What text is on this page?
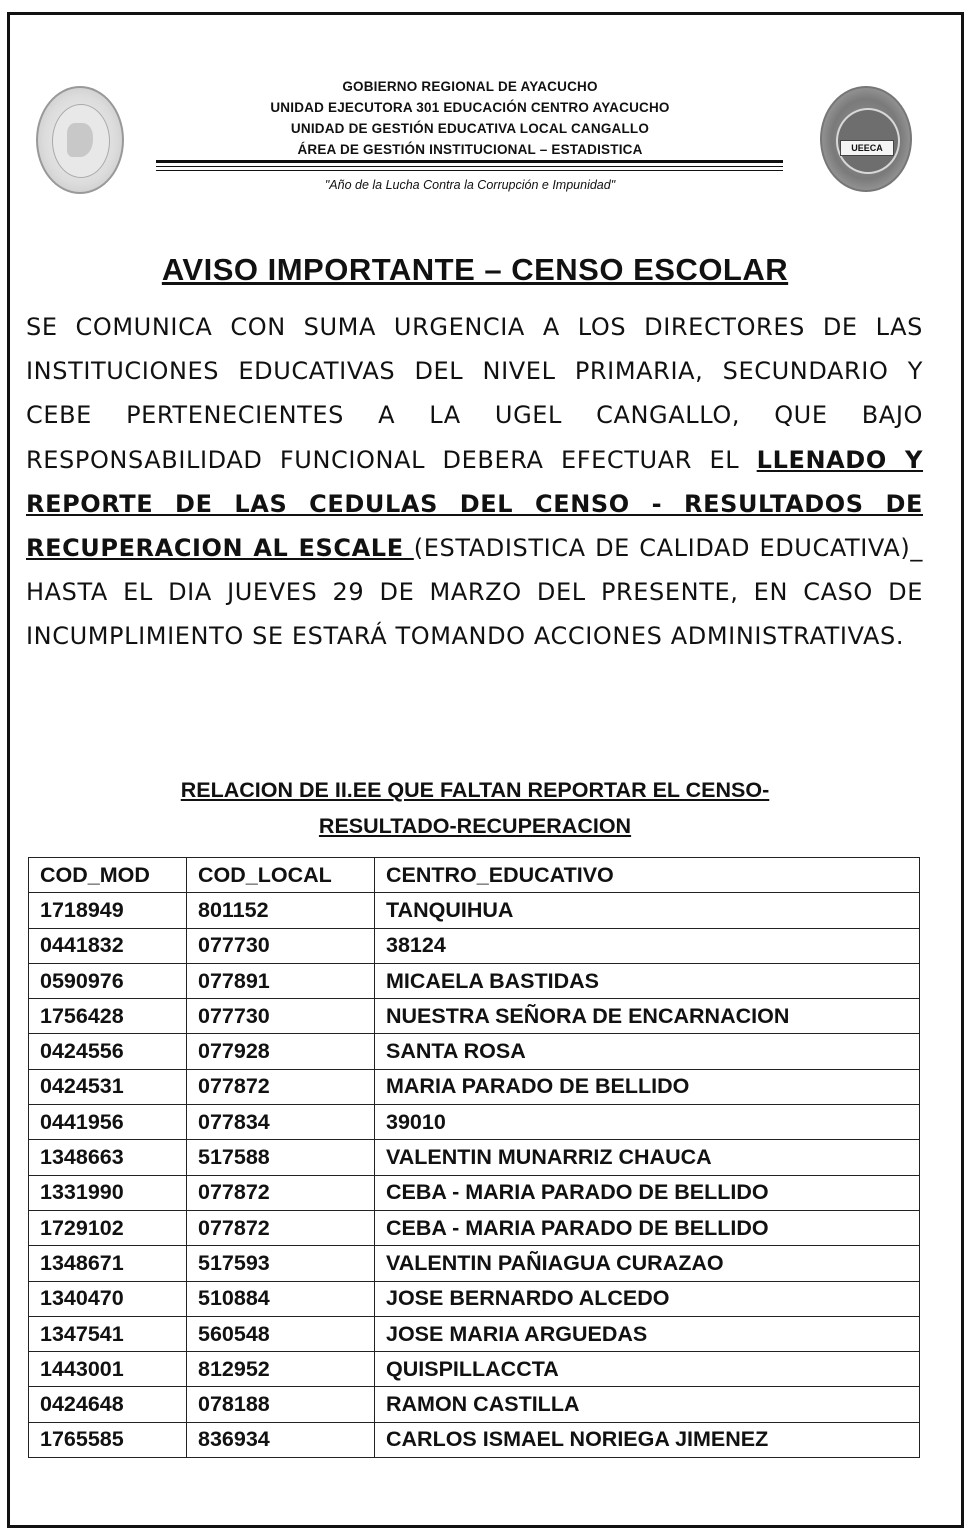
UEECA
GOBIERNO REGIONAL DE AYACUCHO
UNIDAD EJECUTORA 301 EDUCACIÓN CENTRO AYACUCHO
UNIDAD DE GESTIÓN EDUCATIVA LOCAL CANGALLO
ÁREA DE GESTIÓN INSTITUCIONAL – ESTADISTICA
"Año de la Lucha Contra la Corrupción e Impunidad"
AVISO IMPORTANTE – CENSO ESCOLAR
SE COMUNICA CON SUMA URGENCIA A LOS DIRECTORES DE LAS INSTITUCIONES EDUCATIVAS DEL NIVEL PRIMARIA, SECUNDARIO Y CEBE PERTENECIENTES A LA UGEL CANGALLO, QUE BAJO RESPONSABILIDAD FUNCIONAL DEBERA EFECTUAR EL LLENADO Y REPORTE DE LAS CEDULAS DEL CENSO - RESULTADOS DE RECUPERACION AL ESCALE (ESTADISTICA DE CALIDAD EDUCATIVA)_ HASTA EL DIA JUEVES 29 DE MARZO DEL PRESENTE, EN CASO DE INCUMPLIMIENTO SE ESTARÁ TOMANDO ACCIONES ADMINISTRATIVAS.
RELACION DE II.EE QUE FALTAN REPORTAR EL CENSO-
RESULTADO-RECUPERACION
COD_MOD	COD_LOCAL	CENTRO_EDUCATIVO
1718949	801152	TANQUIHUA
0441832	077730	38124
0590976	077891	MICAELA BASTIDAS
1756428	077730	NUESTRA SEÑORA DE ENCARNACION
0424556	077928	SANTA ROSA
0424531	077872	MARIA PARADO DE BELLIDO
0441956	077834	39010
1348663	517588	VALENTIN MUNARRIZ CHAUCA
1331990	077872	CEBA - MARIA PARADO DE BELLIDO
1729102	077872	CEBA - MARIA PARADO DE BELLIDO
1348671	517593	VALENTIN PAÑIAGUA CURAZAO
1340470	510884	JOSE BERNARDO ALCEDO
1347541	560548	JOSE MARIA ARGUEDAS
1443001	812952	QUISPILLACCTA
0424648	078188	RAMON CASTILLA
1765585	836934	CARLOS ISMAEL NORIEGA JIMENEZ
